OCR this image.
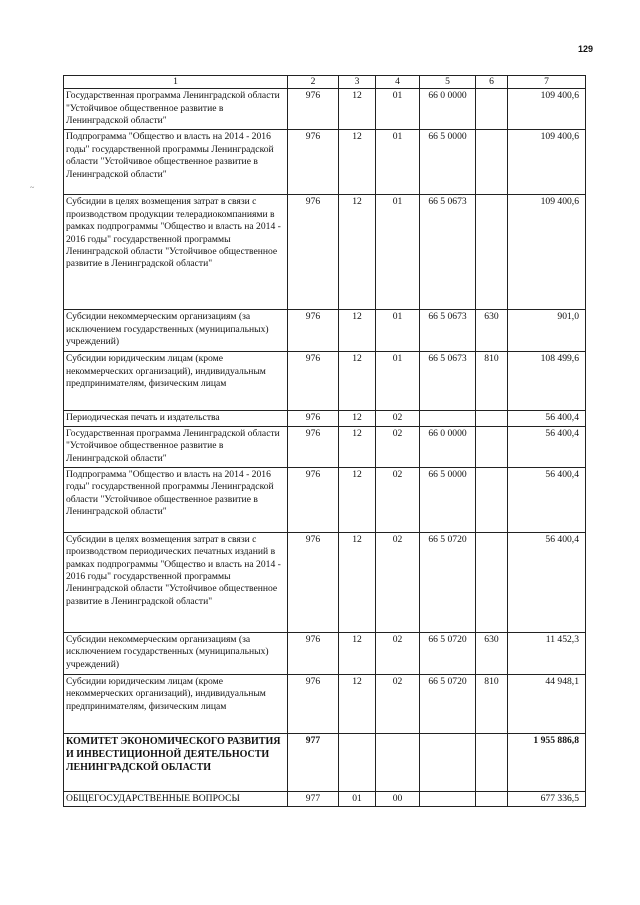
129
~
1	2	3	4	5	6	7
Государственная программа Ленинградской области "Устойчивое общественное развитие в Ленинградской области"	976	12	01	66 0 0000		109 400,6
Подпрограмма "Общество и власть на 2014 - 2016 годы" государственной программы Ленинградской области "Устойчивое общественное развитие в Ленинградской области"	976	12	01	66 5 0000		109 400,6
Субсидии в целях возмещения затрат в связи с производством продукции телерадиокомпаниями в рамках подпрограммы "Общество и власть на 2014 - 2016 годы" государственной программы Ленинградской области "Устойчивое общественное развитие в Ленинградской области"	976	12	01	66 5 0673		109 400,6
Субсидии некоммерческим организациям (за исключением государственных (муниципальных) учреждений)	976	12	01	66 5 0673	630	901,0
Субсидии юридическим лицам (кроме некоммерческих организаций), индивидуальным предпринимателям, физическим лицам	976	12	01	66 5 0673	810	108 499,6
Периодическая печать и издательства	976	12	02			56 400,4
Государственная программа Ленинградской области "Устойчивое общественное развитие в Ленинградской области"	976	12	02	66 0 0000		56 400,4
Подпрограмма "Общество и власть на 2014 - 2016 годы" государственной программы Ленинградской области "Устойчивое общественное развитие в Ленинградской области"	976	12	02	66 5 0000		56 400,4
Субсидии в целях возмещения затрат в связи с производством периодических печатных изданий в рамках подпрограммы "Общество и власть на 2014 - 2016 годы" государственной программы Ленинградской области "Устойчивое общественное развитие в Ленинградской области"	976	12	02	66 5 0720		56 400,4
Субсидии некоммерческим организациям (за исключением государственных (муниципальных) учреждений)	976	12	02	66 5 0720	630	11 452,3
Субсидии юридическим лицам (кроме некоммерческих организаций), индивидуальным предпринимателям, физическим лицам	976	12	02	66 5 0720	810	44 948,1
КОМИТЕТ ЭКОНОМИЧЕСКОГО РАЗВИТИЯ И ИНВЕСТИЦИОННОЙ ДЕЯТЕЛЬНОСТИ ЛЕНИНГРАДСКОЙ ОБЛАСТИ	977					1 955 886,8
ОБЩЕГОСУДАРСТВЕННЫЕ ВОПРОСЫ	977	01	00			677 336,5
